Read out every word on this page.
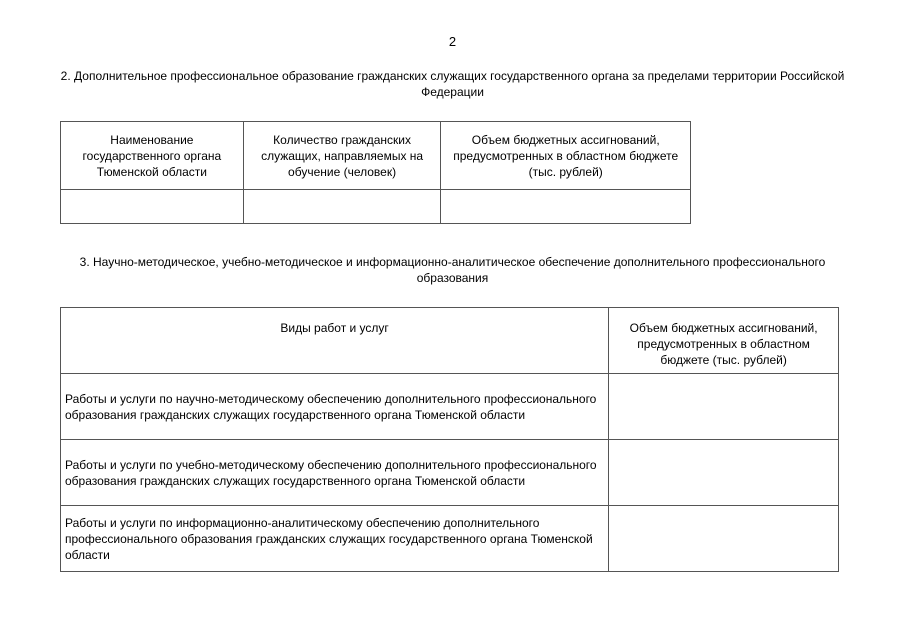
2
2. Дополнительное профессиональное образование гражданских служащих государственного органа за пределами территории Российской Федерации
Наименование государственного органа Тюменской области	Количество гражданских служащих, направляемых на обучение (человек)	Объем бюджетных ассигнований, предусмотренных в областном бюджете (тыс. рублей)

3. Научно-методическое, учебно-методическое и информационно-аналитическое обеспечение дополнительного профессионального образования
Виды работ и услуг	Объем бюджетных ассигнований, предусмотренных в областном бюджете (тыс. рублей)
Работы и услуги по научно-методическому обеспечению дополнительного профессионального образования гражданских служащих государственного органа Тюменской области	
Работы и услуги по учебно-методическому обеспечению дополнительного профессионального образования гражданских служащих государственного органа Тюменской области	
Работы и услуги по информационно-аналитическому обеспечению дополнительного профессионального образования гражданских служащих государственного органа Тюменской области	
